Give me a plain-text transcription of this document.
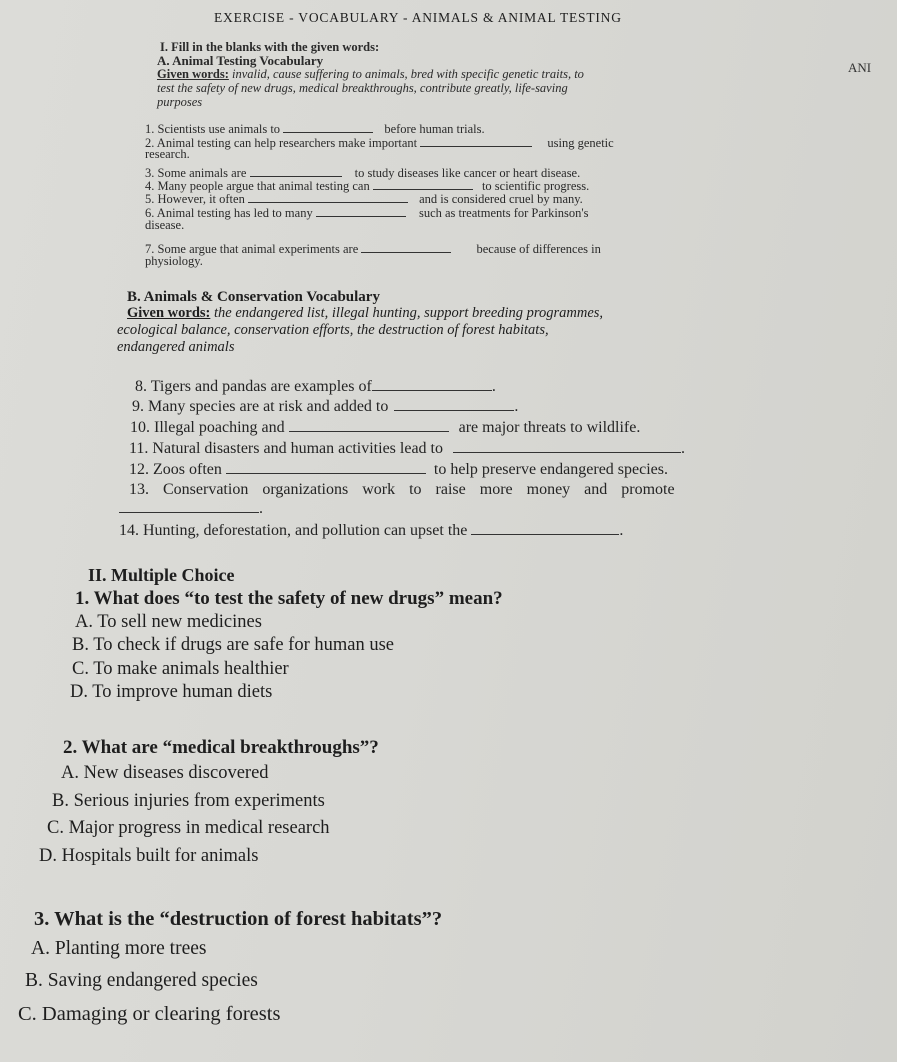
EXERCISE - VOCABULARY - ANIMALS & ANIMAL TESTING
ANI
I. Fill in the blanks with the given words:
A. Animal Testing Vocabulary
Given words: invalid, cause suffering to animals, bred with specific genetic traits, to
test the safety of new drugs, medical breakthroughs, contribute greatly, life-saving
purposes
1. Scientists use animals to	before human trials.
2. Animal testing can help researchers make important	using genetic
research.
3. Some animals are	to study diseases like cancer or heart disease.
4. Many people argue that animal testing can	to scientific progress.
5. However, it often	and is considered cruel by many.
6. Animal testing has led to many	such as treatments for Parkinson's
disease.
7. Some argue that animal experiments are	because of differences in
physiology.
B. Animals & Conservation Vocabulary
Given words: the endangered list, illegal hunting, support breeding programmes,
ecological balance, conservation efforts, the destruction of forest habitats,
endangered animals
8. Tigers and pandas are examples of	.
9. Many species are at risk and added to	.
10. Illegal poaching and	are major threats to wildlife.
11. Natural disasters and human activities lead to	.
12. Zoos often	to help preserve endangered species.
13. Conservation organizations work to raise more money and promote
.
14. Hunting, deforestation, and pollution can upset the	.
II. Multiple Choice
1. What does “to test the safety of new drugs” mean?
A. To sell new medicines
B. To check if drugs are safe for human use
C. To make animals healthier
D. To improve human diets
2. What are “medical breakthroughs”?
A. New diseases discovered
B. Serious injuries from experiments
C. Major progress in medical research
D. Hospitals built for animals
3. What is the “destruction of forest habitats”?
A. Planting more trees
B. Saving endangered species
C. Damaging or clearing forests
